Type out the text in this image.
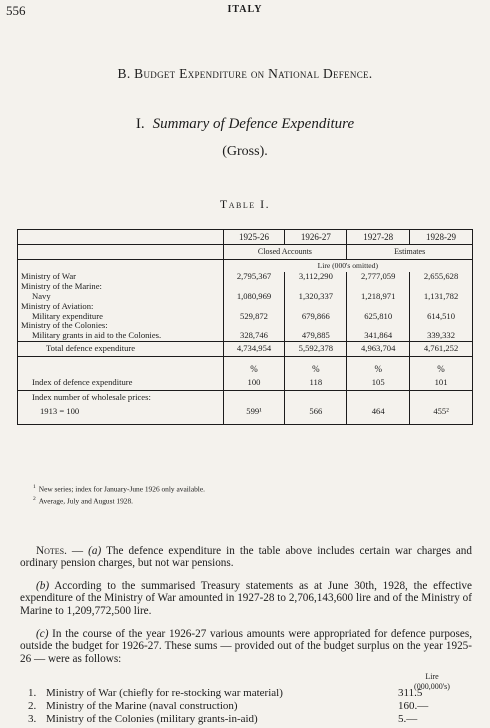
556	ITALY
B. Budget Expenditure on National Defence.
I. Summary of Defence Expenditure
(Gross).
Table I.
	1925-26	1926-27	1927-28	1928-29
	Closed Accounts		Estimates	
	Lire (000's omitted)			
Ministry of War	2,795,367	3,112,290	2,777,059	2,655,628
Ministry of the Marine:				
Navy	1,080,969	1,320,337	1,218,971	1,131,782
Ministry of Aviation:				
Military expenditure	529,872	679,866	625,810	614,510
Ministry of the Colonies:				
Military grants in aid to the Colonies.	328,746	479,885	341,864	339,332
Total defence expenditure	4,734,954	5,592,378	4,963,704	4,761,252

	%	%	%	%
Index of defence expenditure	100	118	105	101
Index number of wholesale prices:				
1913 = 100	599¹	566	464	455²

$^1$ New series; index for January-June 1926 only available.
$^2$ Average, July and August 1928.
Notes. — (a) The defence expenditure in the table above includes certain war charges and ordinary pension charges, but not war pensions.
(b) According to the summarised Treasury statements as at June 30th, 1928, the effective expenditure of the Ministry of War amounted in 1927-28 to 2,706,143,600 lire and of the Ministry of Marine to 1,209,772,500 lire.
(c) In the course of the year 1926-27 various amounts were appropriated for defence purposes, outside the budget for 1926-27. These sums — provided out of the budget surplus on the year 1925-26 — were as follows:
Lire
(000,000's)
1. Ministry of War (chiefly for re-stocking war material)	311.5
2. Ministry of the Marine (naval construction)	160.—
3. Ministry of the Colonies (military grants-in-aid)	5.—
